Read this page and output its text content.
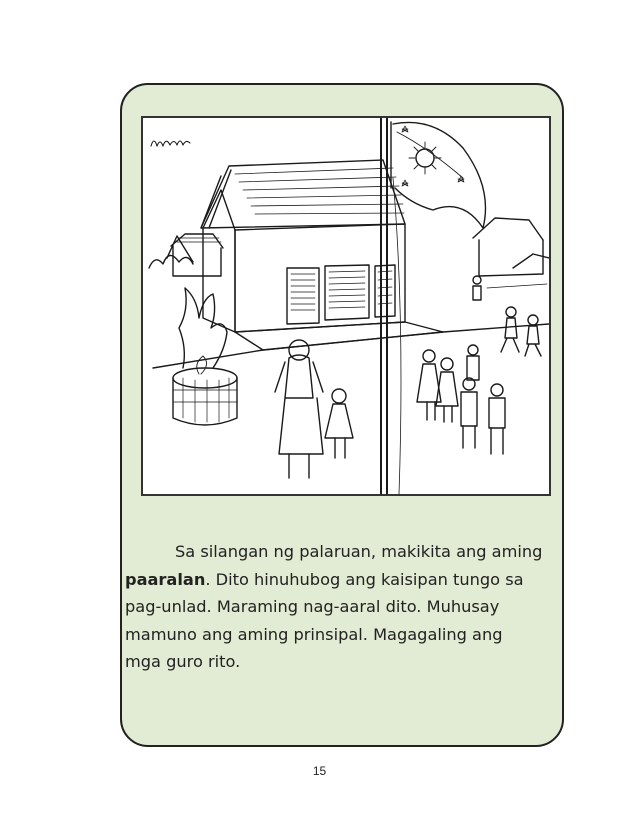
Sa silangan ng palaruan, makikita ang aming
paaralan. Dito hinuhubog ang kaisipan tungo sa
pag-unlad. Maraming nag-aaral dito. Muhusay
mamuno ang aming prinsipal. Magagaling ang
mga guro rito.
15
